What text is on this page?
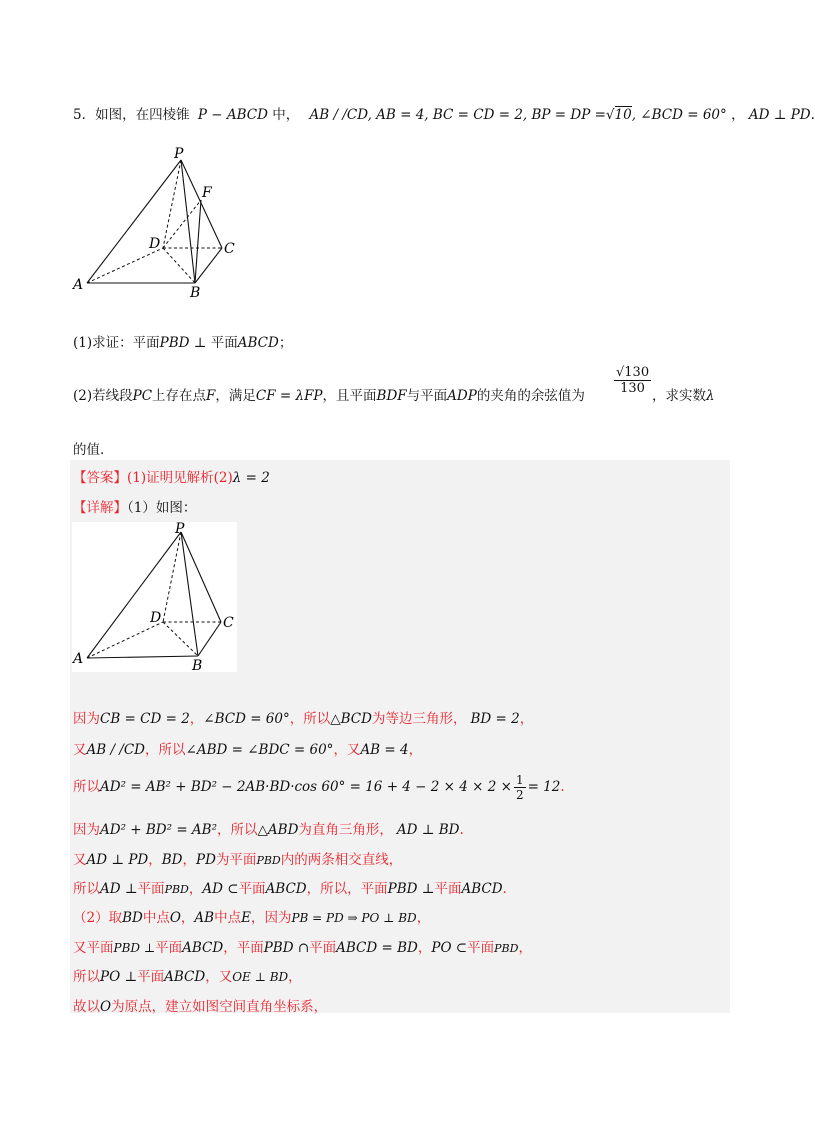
5．如图，在四棱锥 P − ABCD 中， AB / /CD, AB = 4, BC = CD = 2, BP = DP =√10, ∠BCD = 60° ， AD ⊥ PD.
P
F
D	C
A	B
(1)求证：平面PBD ⊥ 平面ABCD；
(2)若线段PC上存在点F，满足CF = λFP，且平面BDF与平面ADP的夹角的余弦值为
$\frac{√130}{130}$
，求实数λ
的值．
【答案】(1)证明见解析(2)λ = 2
【详解】（1）如图：
P
D	C
A	B
因为CB = CD = 2，∠BCD = 60°，所以△BCD为等边三角形， BD = 2，
又AB / /CD，所以∠ABD = ∠BDC = 60°，又AB = 4，
所以AD² = AB² + BD² − 2AB·BD·cos $60^\circ = 16 + 4 - 2 \times 4 \times 2 \times \frac{1}{2} = 12$.
因为AD² + BD² = AB²，所以△ABD为直角三角形， AD ⊥ BD.
又AD ⊥ PD，BD，PD为平面PBD内的两条相交直线，
所以AD ⊥平面PBD，AD ⊂平面ABCD，所以，平面PBD ⊥平面ABCD.
（2）取BD中点O，AB中点E，因为PB = PD ⇒ PO ⊥ BD，
又平面PBD ⊥平面ABCD，平面PBD ∩平面ABCD = BD，PO ⊂平面PBD，
所以PO ⊥平面ABCD，又OE ⊥ BD，
故以O为原点，建立如图空间直角坐标系，
